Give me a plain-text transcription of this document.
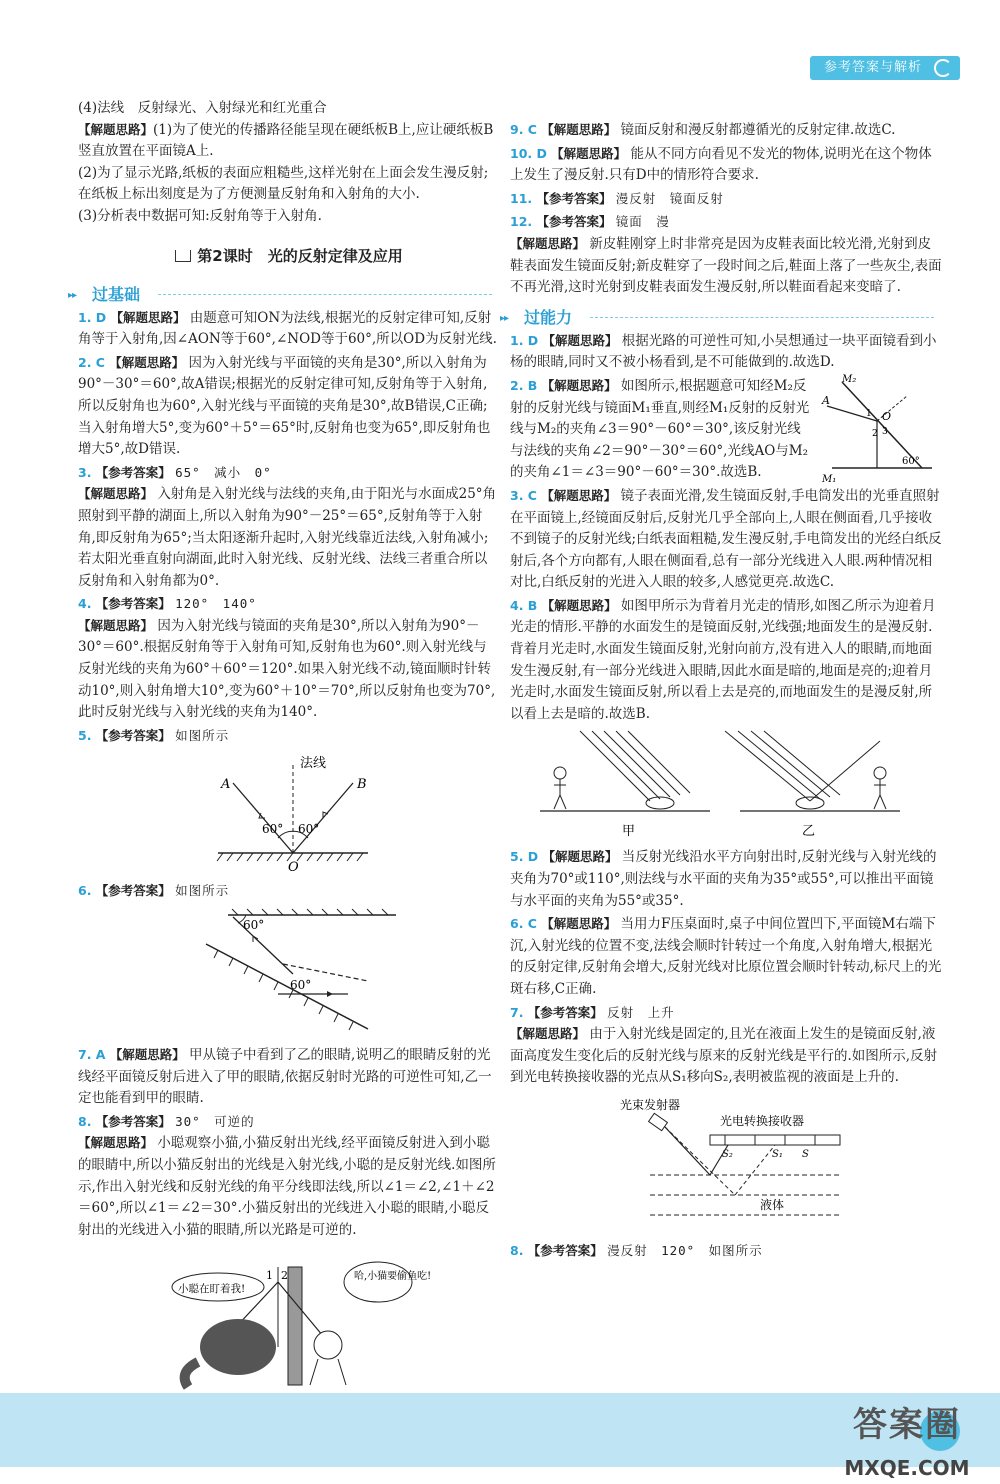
参考答案与解析

(4)法线　反射绿光、入射绿光和红光重合

【解题思路】(1)为了使光的传播路径能呈现在硬纸板B上,应让硬纸板B竖直放置在平面镜A上.

(2)为了显示光路,纸板的表面应粗糙些,这样光射在上面会发生漫反射;在纸板上标出刻度是为了方便测量反射角和入射角的大小.

(3)分析表中数据可知:反射角等于入射角.

第2课时　光的反射定律及应用
▸▸ 过基础
1. D 【解题思路】 由题意可知ON为法线,根据光的反射定律可知,反射角等于入射角,因∠AON等于60°,∠NOD等于60°,所以OD为反射光线.
2. C 【解题思路】 因为入射光线与平面镜的夹角是30°,所以入射角为90°－30°＝60°,故A错误;根据光的反射定律可知,反射角等于入射角,所以反射角也为60°,入射光线与平面镜的夹角是30°,故B错误,C正确;当入射角增大5°,变为60°＋5°＝65°时,反射角也变为65°,即反射角也增大5°,故D错误.
3. 【参考答案】 65°　减小　0°
【解题思路】 入射角是入射光线与法线的夹角,由于阳光与水面成25°角照射到平静的湖面上,所以入射角为90°－25°＝65°,反射角等于入射角,即反射角为65°;当太阳逐渐升起时,入射光线靠近法线,入射角减小;若太阳光垂直射向湖面,此时入射光线、反射光线、法线三者重合所以反射角和入射角都为0°.
4. 【参考答案】 120°　140°
【解题思路】 因为入射光线与镜面的夹角是30°,所以入射角为90°－30°＝60°.根据反射角等于入射角可知,反射角也为60°.则入射光线与反射光线的夹角为60°＋60°＝120°.如果入射光线不动,镜面顺时针转动10°,则入射角增大10°,变为60°＋10°＝70°,所以反射角也变为70°,此时反射光线与入射光线的夹角为140°.
5. 【参考答案】 如图所示
法线
A	B
O
60° 60°
6. 【参考答案】 如图所示
60°
60°
7. A 【解题思路】 甲从镜子中看到了乙的眼睛,说明乙的眼睛反射的光线经平面镜反射后进入了甲的眼睛,依据反射时光路的可逆性可知,乙一定也能看到甲的眼睛.
8. 【参考答案】 30°　可逆的
【解题思路】 小聪观察小猫,小猫反射出光线,经平面镜反射进入到小聪的眼睛中,所以小猫反射出的光线是入射光线,小聪的是反射光线.如图所示,作出入射光线和反射光线的角平分线即法线,所以∠1＝∠2,∠1＋∠2＝60°,所以∠1＝∠2＝30°.小猫反射出的光线进入小聪的眼睛,小聪反射出的光线进入小猫的眼睛,所以光路是可逆的.
小聪在盯着我!
哈,小猫要偷鱼吃!
1 2
9. C 【解题思路】 镜面反射和漫反射都遵循光的反射定律.故选C.
10. D 【解题思路】 能从不同方向看见不发光的物体,说明光在这个物体上发生了漫反射.只有D中的情形符合要求.
11. 【参考答案】 漫反射　镜面反射
12. 【参考答案】 镜面　漫
【解题思路】 新皮鞋刚穿上时非常亮是因为皮鞋表面比较光滑,光射到皮鞋表面发生镜面反射;新皮鞋穿了一段时间之后,鞋面上落了一些灰尘,表面不再光滑,这时光射到皮鞋表面发生漫反射,所以鞋面看起来变暗了.
▸▸ 过能力
1. D 【解题思路】 根据光路的可逆性可知,小吴想通过一块平面镜看到小杨的眼睛,同时又不被小杨看到,是不可能做到的.故选D.
2. B 【解题思路】 如图所示,根据题意可知经M₂反射的反射光线与镜面M₁垂直,则经M₁反射的反射光线与M₂的夹角∠3＝90°－60°＝30°,该反射光线与法线的夹角∠2＝90°－30°＝60°,光线AO与M₂的夹角∠1＝∠3＝90°－60°＝30°.故选B.
A
O
M₂
M₁
1
2 3
60°
3. C 【解题思路】 镜子表面光滑,发生镜面反射,手电筒发出的光垂直照射在平面镜上,经镜面反射后,反射光几乎全部向上,人眼在侧面看,几乎接收不到镜子的反射光线;白纸表面粗糙,发生漫反射,手电筒发出的光经白纸反射后,各个方向都有,人眼在侧面看,总有一部分光线进入人眼.两种情况相对比,白纸反射的光进入人眼的较多,人感觉更亮.故选C.
4. B 【解题思路】 如图甲所示为背着月光走的情形,如图乙所示为迎着月光走的情形.平静的水面发生的是镜面反射,光线强;地面发生的是漫反射.背着月光走时,水面发生镜面反射,光射向前方,没有进入人的眼睛,而地面发生漫反射,有一部分光线进入眼睛,因此水面是暗的,地面是亮的;迎着月光走时,水面发生镜面反射,所以看上去是亮的,而地面发生的是漫反射,所以看上去是暗的.故选B.
甲	乙
5. D 【解题思路】 当反射光线沿水平方向射出时,反射光线与入射光线的夹角为70°或110°,则法线与水平面的夹角为35°或55°,可以推出平面镜与水平面的夹角为55°或35°.
6. C 【解题思路】 当用力F压桌面时,桌子中间位置凹下,平面镜M右端下沉,入射光线的位置不变,法线会顺时针转过一个角度,入射角增大,根据光的反射定律,反射角会增大,反射光线对比原位置会顺时针转动,标尺上的光斑右移,C正确.
7. 【参考答案】 反射　上升
【解题思路】 由于入射光线是固定的,且光在液面上发生的是镜面反射,液面高度发生变化后的反射光线与原来的反射光线是平行的.如图所示,反射到光电转换接收器的光点从S₁移向S₂,表明被监视的液面是上升的.
光束发射器
光电转换接收器
S₂	S₁ S
液体
8. 【参考答案】 漫反射　120°　如图所示
答案圈
MXQE.COM
